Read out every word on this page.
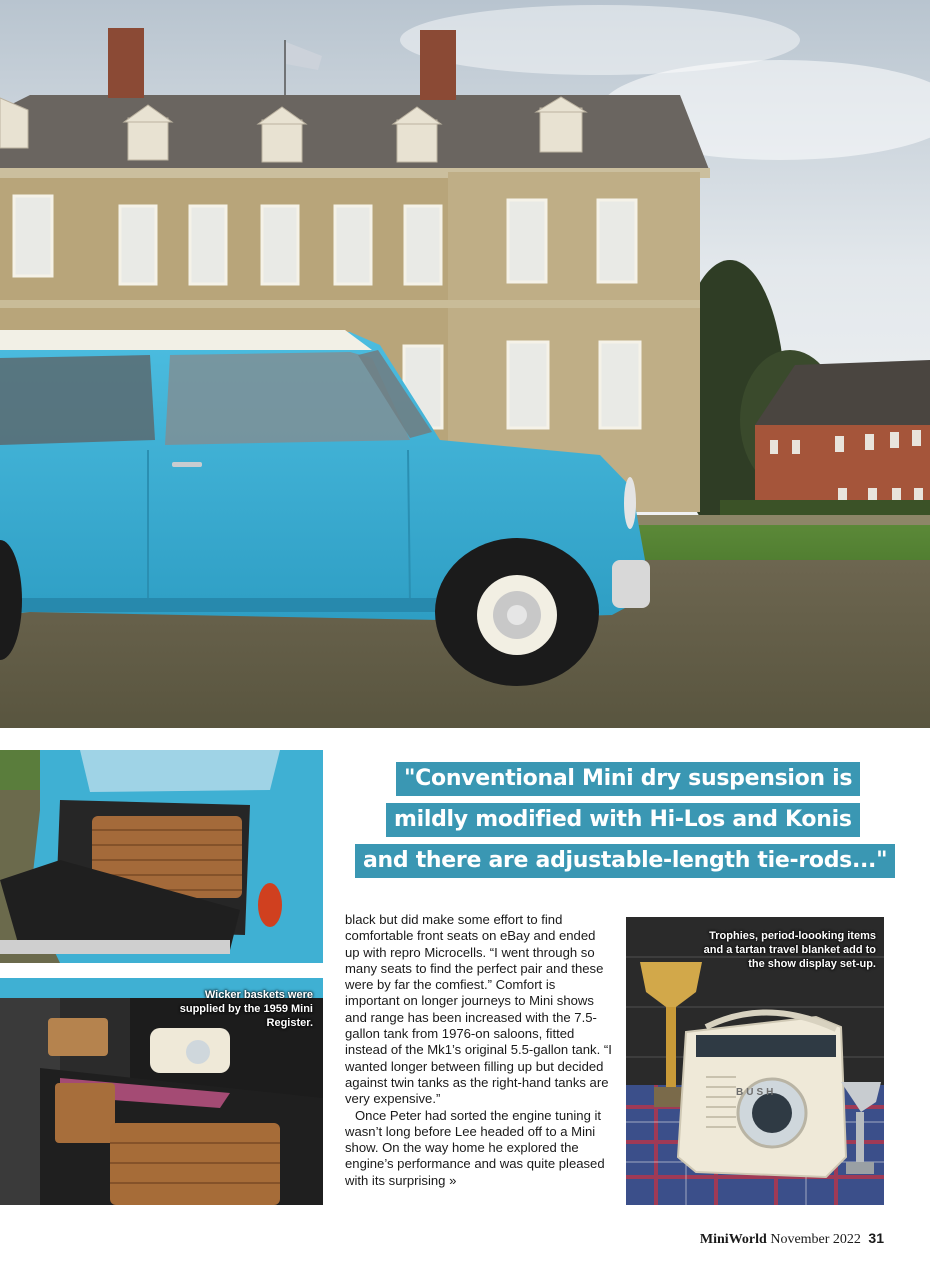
Wicker baskets were supplied by the 1959 Mini Register.
"Conventional Mini dry suspension is
mildly modified with Hi-Los and Konis
and there are adjustable-length tie-rods..."

black but did make some effort to find comfortable front seats on eBay and ended up with repro Microcells. “I went through so many seats to find the perfect pair and these were by far the comfiest.” Comfort is important on longer journeys to Mini shows and range has been increased with the 7.5-gallon tank from 1976-on saloons, fitted instead of the Mk1’s original 5.5-gallon tank. “I wanted longer between filling up but decided against twin tanks as the right-hand tanks are very expensive.”

Once Peter had sorted the engine tuning it wasn’t long before Lee headed off to a Mini show. On the way home he explored the engine’s performance and was quite pleased with its surprising »

BUSH
Trophies, period-loooking items and a tartan travel blanket add to the show display set-up.
MiniWorld November 2022 31
